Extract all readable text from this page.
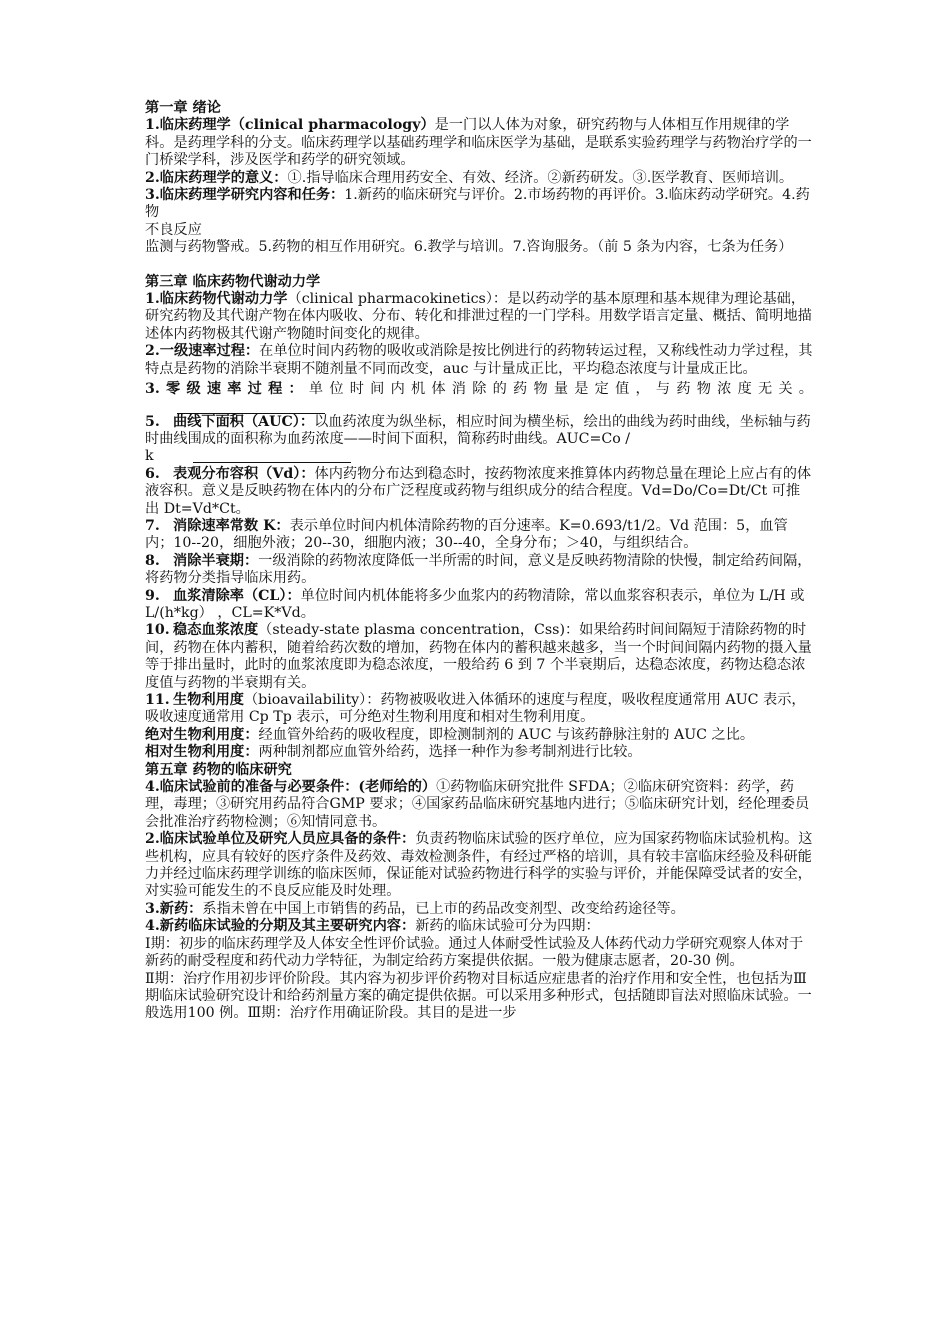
第一章 绪论

1.临床药理学（clinical pharmacology）是一门以人体为对象，研究药物与人体相互作用规律的学科。是药理学科的分支。临床药理学以基础药理学和临床医学为基础，是联系实验药理学与药物治疗学的一门桥梁学科，涉及医学和药学的研究领域。

2.临床药理学的意义：①.指导临床合理用药安全、有效、经济。②新药研发。③.医学教育、医师培训。

3.临床药理学研究内容和任务：1.新药的临床研究与评价。2.市场药物的再评价。3.临床药动学研究。4.药物

不良反应

监测与药物警戒。5.药物的相互作用研究。6.教学与培训。7.咨询服务。（前 5 条为内容，七条为任务）

第三章 临床药物代谢动力学

1.临床药物代谢动力学（clinical pharmacokinetics）：是以药动学的基本原理和基本规律为理论基础，研究药物及其代谢产物在体内吸收、分布、转化和排泄过程的一门学科。用数学语言定量、概括、简明地描述体内药物极其代谢产物随时间变化的规律。

2.一级速率过程：在单位时间内药物的吸收或消除是按比例进行的药物转运过程，又称线性动力学过程，其特点是药物的消除半衰期不随剂量不同而改变，auc 与计量成正比，平均稳态浓度与计量成正比。

3.零级速率过程：单位时间内机体消除的药物量是定值，与药物浓度无关。

5. 曲线下面积（AUC）：以血药浓度为纵坐标，相应时间为横坐标，绘出的曲线为药时曲线，坐标轴与药时曲线围成的面积称为血药浓度——时间下面积，简称药时曲线。AUC=Co /

k

6. 表观分布容积（Vd）：体内药物分布达到稳态时，按药物浓度来推算体内药物总量在理论上应占有的体液容积。意义是反映药物在体内的分布广泛程度或药物与组织成分的结合程度。Vd=Do/Co=Dt/Ct 可推出 Dt=Vd*Ct。

7. 消除速率常数 K：表示单位时间内机体清除药物的百分速率。K=0.693/t1/2。Vd 范围：5，血管内；10--20，细胞外液；20--30，细胞内液；30--40，全身分布；＞40，与组织结合。

8. 消除半衰期：一级消除的药物浓度降低一半所需的时间，意义是反映药物清除的快慢，制定给药间隔，将药物分类指导临床用药。

9. 血浆清除率（CL）：单位时间内机体能将多少血浆内的药物清除，常以血浆容积表示，单位为 L/H 或 L/(h*kg） ，CL=K*Vd。

10. 稳态血浆浓度（steady-state plasma concentration，Css)：如果给药时间间隔短于清除药物的时间，药物在体内蓄积，随着给药次数的增加，药物在体内的蓄积越来越多，当一个时间间隔内药物的摄入量等于排出量时，此时的血浆浓度即为稳态浓度，一般给药 6 到 7 个半衰期后，达稳态浓度，药物达稳态浓度值与药物的半衰期有关。

11. 生物利用度（bioavailability）：药物被吸收进入体循环的速度与程度，吸收程度通常用 AUC 表示，吸收速度通常用 Cp Tp 表示，可分绝对生物利用度和相对生物利用度。

绝对生物利用度：经血管外给药的吸收程度，即检测制剂的 AUC 与该药静脉注射的 AUC 之比。

相对生物利用度：两种制剂都应血管外给药，选择一种作为参考制剂进行比较。

第五章 药物的临床研究

4.临床试验前的准备与必要条件：(老师给的）①药物临床研究批件 SFDA；②临床研究资料：药学，药理，毒理；③研究用药品符合GMP 要求；④国家药品临床研究基地内进行；⑤临床研究计划，经伦理委员会批准治疗药物检测；⑥知情同意书。

2.临床试验单位及研究人员应具备的条件：负责药物临床试验的医疗单位，应为国家药物临床试验机构。这些机构，应具有较好的医疗条件及药效、毒效检测条件，有经过严格的培训，具有较丰富临床经验及科研能力并经过临床药理学训练的临床医师，保证能对试验药物进行科学的实验与评价，并能保障受试者的安全，对实验可能发生的不良反应能及时处理。

3.新药：系指未曾在中国上市销售的药品，已上市的药品改变剂型、改变给药途径等。

4.新药临床试验的分期及其主要研究内容：新药的临床试验可分为四期：

Ⅰ期：初步的临床药理学及人体安全性评价试验。通过人体耐受性试验及人体药代动力学研究观察人体对于新药的耐受程度和药代动力学特征，为制定给药方案提供依据。一般为健康志愿者，20-30 例。

Ⅱ期：治疗作用初步评价阶段。其内容为初步评价药物对目标适应症患者的治疗作用和安全性，也包括为Ⅲ期临床试验研究设计和给药剂量方案的确定提供依据。可以采用多种形式，包括随即盲法对照临床试验。一般选用100 例。Ⅲ期：治疗作用确证阶段。其目的是进一步
